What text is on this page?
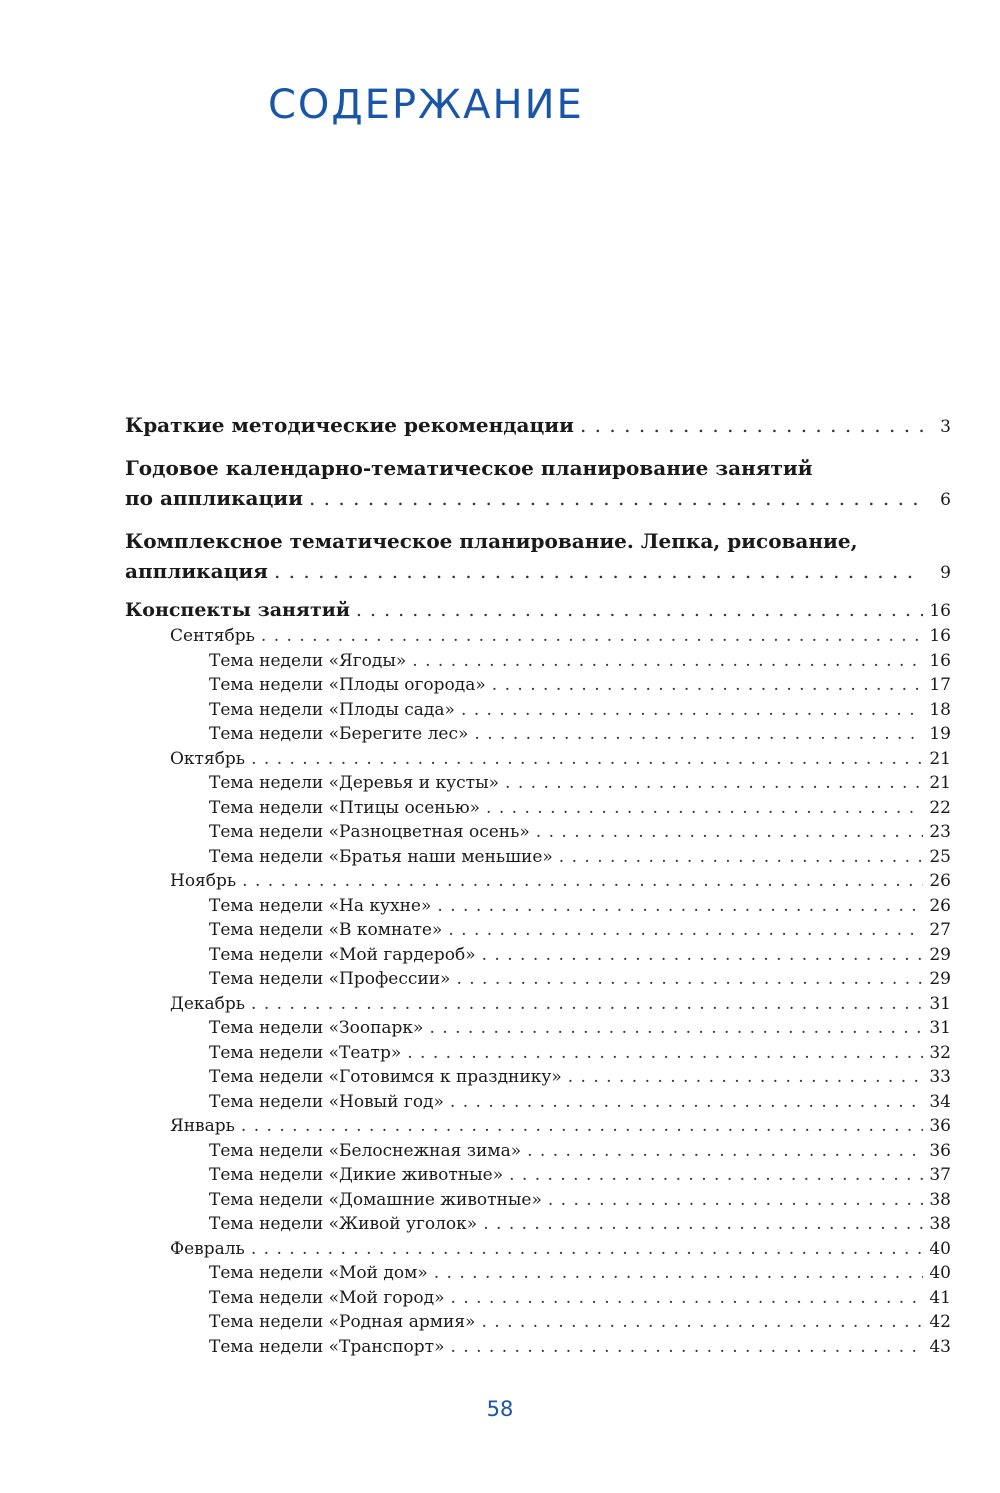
СОДЕРЖАНИЕ
Краткие методические рекомендации . . .	3
Годовое календарно-тематическое планирование занятий
по аппликации . . .	6
Комплексное тематическое планирование. Лепка, рисование,
аппликация . . .	9
Конспекты занятий . . .	16
Сентябрь . . .	16
Тема недели «Ягоды» . . .	16
Тема недели «Плоды огорода» . . .	17
Тема недели «Плоды сада» . . .	18
Тема недели «Берегите лес» . . .	19
Октябрь . . .	21
Тема недели «Деревья и кусты» . . .	21
Тема недели «Птицы осенью» . . .	22
Тема недели «Разноцветная осень» . . .	23
Тема недели «Братья наши меньшие» . . .	25
Ноябрь . . .	26
Тема недели «На кухне» . . .	26
Тема недели «В комнате» . . .	27
Тема недели «Мой гардероб» . . .	29
Тема недели «Профессии» . . .	29
Декабрь . . .	31
Тема недели «Зоопарк» . . .	31
Тема недели «Театр» . . .	32
Тема недели «Готовимся к празднику» . . .	33
Тема недели «Новый год» . . .	34
Январь . . .	36
Тема недели «Белоснежная зима» . . .	36
Тема недели «Дикие животные» . . .	37
Тема недели «Домашние животные» . . .	38
Тема недели «Живой уголок» . . .	38
Февраль . . .	40
Тема недели «Мой дом» . . .	40
Тема недели «Мой город» . . .	41
Тема недели «Родная армия» . . .	42
Тема недели «Транспорт» . . .	43
58
